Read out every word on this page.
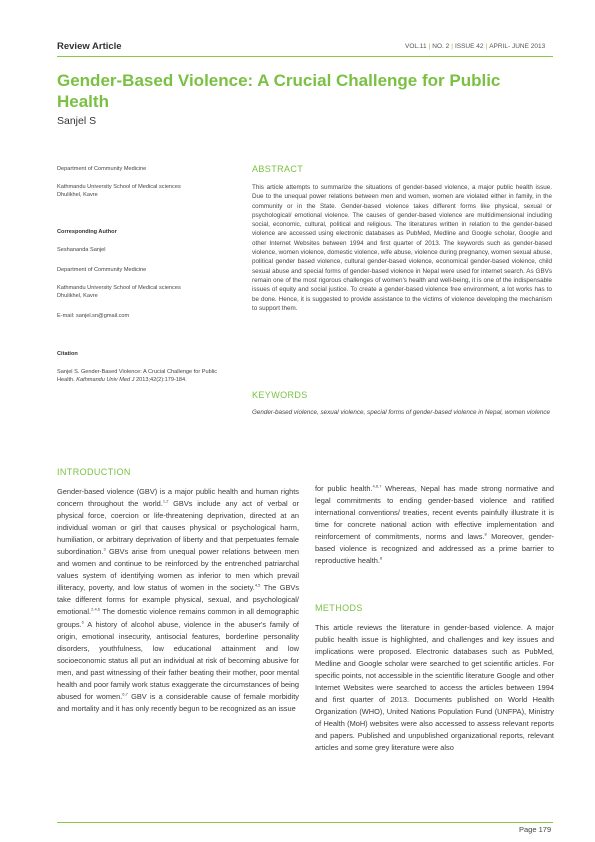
Review Article	VOL.11 | NO. 2 | ISSUE 42 | APRIL- JUNE 2013
Gender-Based Violence: A Crucial Challenge for Public Health
Sanjel S
Department of Community Medicine
Kathmandu University School of Medical sciences
Dhulikhel, Kavre
Corresponding Author
Seshananda Sanjel
Department of Community Medicine
Kathmandu University School of Medical sciences
Dhulikhel, Kavre
E-mail: sanjel.sn@gmail.com
Citation
Sanjel S. Gender-Based Violence: A Crucial Challenge for Public Health. Kathmandu Univ Med J 2013;42(2):179-184.
ABSTRACT
This article attempts to summarize the situations of gender-based violence, a major public health issue. Due to the unequal power relations between men and women, women are violated either in family, in the community or in the State. Gender-based violence takes different forms like physical, sexual or psychological/ emotional violence. The causes of gender-based violence are multidimensional including social, economic, cultural, political and religious. The literatures written in relation to the gender-based violence are accessed using electronic databases as PubMed, Medline and Google scholar, Google and other Internet Websites between 1994 and first quarter of 2013. The keywords such as gender-based violence, women violence, domestic violence, wife abuse, violence during pregnancy, women sexual abuse, political gender based violence, cultural gender-based violence, economical gender-based violence, child sexual abuse and special forms of gender-based violence in Nepal were used for internet search. As GBVs remain one of the most rigorous challenges of women's health and well-being, it is one of the indispensable issues of equity and social justice. To create a gender-based violence free environment, a lot works has to be done. Hence, it is suggested to provide assistance to the victims of violence developing the mechanism to support them.
KEYWORDS
Gender-based violence, sexual violence, special forms of gender-based violence in Nepal, women violence
INTRODUCTION
Gender-based violence (GBV) is a major public health and human rights concern throughout the world.$^{1,2}$ GBVs include any act of verbal or physical force, coercion or life-threatening deprivation, directed at an individual woman or girl that causes physical or psychological harm, humiliation, or arbitrary deprivation of liberty and that perpetuates female subordination.$^3$ GBVs arise from unequal power relations between men and women and continue to be reinforced by the entrenched patriarchal values system of identifying women as inferior to men which prevail illiteracy, poverty, and low status of women in the society.$^{4,5}$ The GBVs take different forms for example physical, sexual, and psychological/ emotional.$^{2,4,6}$ The domestic violence remains common in all demographic groups.$^6$ A history of alcohol abuse, violence in the abuser's family of origin, emotional insecurity, antisocial features, borderline personality disorders, youthfulness, low educational attainment and low socioeconomic status all put an individual at risk of becoming abusive for men, and past witnessing of their father beating their mother, poor mental health and poor family work status exaggerate the circumstances of being abused for women.$^{6,7}$ GBV is a considerable cause of female morbidity and mortality and it has only recently begun to be recognized as an issue
for public health.$^{4,6,7}$ Whereas, Nepal has made strong normative and legal commitments to ending gender-based violence and ratified international conventions/ treaties, recent events painfully illustrate it is time for concrete national action with effective implementation and reinforcement of commitments, norms and laws.$^8$ Moreover, gender-based violence is recognized and addressed as a prime barrier to reproductive health.$^8$
METHODS
This article reviews the literature in gender-based violence. A major public health issue is highlighted, and challenges and key issues and implications were proposed. Electronic databases such as PubMed, Medline and Google scholar were searched to get scientific articles. For specific points, not accessible in the scientific literature Google and other Internet Websites were searched to access the articles between 1994 and first quarter of 2013. Documents published on World Health Organization (WHO), United Nations Population Fund (UNFPA), Ministry of Health (MoH) websites were also accessed to assess relevant reports and papers. Published and unpublished organizational reports, relevant articles and some grey literature were also
Page 179
